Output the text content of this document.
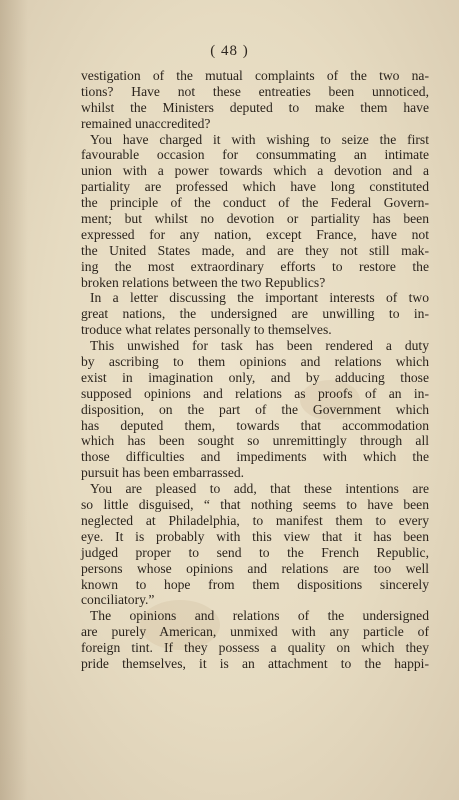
( 48 )
vestigation of the mutual complaints of the two na-
tions? Have not these entreaties been unnoticed,
whilst the Ministers deputed to make them have
remained unaccredited?
You have charged it with wishing to seize the first
favourable occasion for consummating an intimate
union with a power towards which a devotion and a
partiality are professed which have long constituted
the principle of the conduct of the Federal Govern-
ment; but whilst no devotion or partiality has been
expressed for any nation, except France, have not
the United States made, and are they not still mak-
ing the most extraordinary efforts to restore the
broken relations between the two Republics?
In a letter discussing the important interests of two
great nations, the undersigned are unwilling to in-
troduce what relates personally to themselves.
This unwished for task has been rendered a duty
by ascribing to them opinions and relations which
exist in imagination only, and by adducing those
supposed opinions and relations as proofs of an in-
disposition, on the part of the Government which
has deputed them, towards that accommodation
which has been sought so unremittingly through all
those difficulties and impediments with which the
pursuit has been embarrassed.
You are pleased to add, that these intentions are
so little disguised, “ that nothing seems to have been
neglected at Philadelphia, to manifest them to every
eye. It is probably with this view that it has been
judged proper to send to the French Republic,
persons whose opinions and relations are too well
known to hope from them dispositions sincerely
conciliatory.”
The opinions and relations of the undersigned
are purely American, unmixed with any particle of
foreign tint. If they possess a quality on which they
pride themselves, it is an attachment to the happi-
